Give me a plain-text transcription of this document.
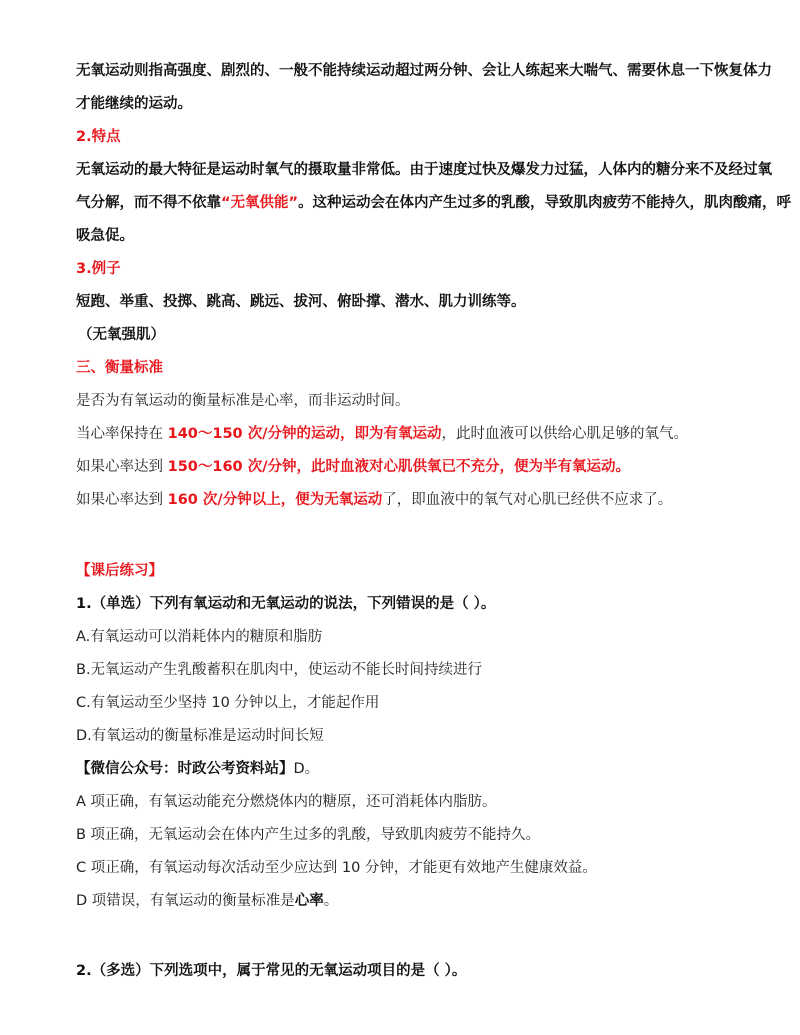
无氧运动则指高强度、剧烈的、一般不能持续运动超过两分钟、会让人练起来大喘气、需要休息一下恢复体力
才能继续的运动。
2.特点
无氧运动的最大特征是运动时氧气的摄取量非常低。由于速度过快及爆发力过猛，人体内的糖分来不及经过氧
气分解，而不得不依靠“无氧供能”。这种运动会在体内产生过多的乳酸，导致肌肉疲劳不能持久，肌肉酸痛，呼
吸急促。
3.例子
短跑、举重、投掷、跳高、跳远、拔河、俯卧撑、潜水、肌力训练等。
（无氧强肌）
三、衡量标准
是否为有氧运动的衡量标准是心率，而非运动时间。
当心率保持在 140～150 次/分钟的运动，即为有氧运动，此时血液可以供给心肌足够的氧气。
如果心率达到 150～160 次/分钟，此时血液对心肌供氧已不充分，便为半有氧运动。
如果心率达到 160 次/分钟以上，便为无氧运动了，即血液中的氧气对心肌已经供不应求了。
【课后练习】
1.（单选）下列有氧运动和无氧运动的说法，下列错误的是（ ）。
A.有氧运动可以消耗体内的糖原和脂肪
B.无氧运动产生乳酸蓄积在肌肉中，使运动不能长时间持续进行
C.有氧运动至少坚持 10 分钟以上，才能起作用
D.有氧运动的衡量标准是运动时间长短
【微信公众号：时政公考资料站】D。
A 项正确，有氧运动能充分燃烧体内的糖原，还可消耗体内脂肪。
B 项正确，无氧运动会在体内产生过多的乳酸，导致肌肉疲劳不能持久。
C 项正确，有氧运动每次活动至少应达到 10 分钟，才能更有效地产生健康效益。
D 项错误，有氧运动的衡量标准是心率。
2.（多选）下列选项中，属于常见的无氧运动项目的是（ ）。
